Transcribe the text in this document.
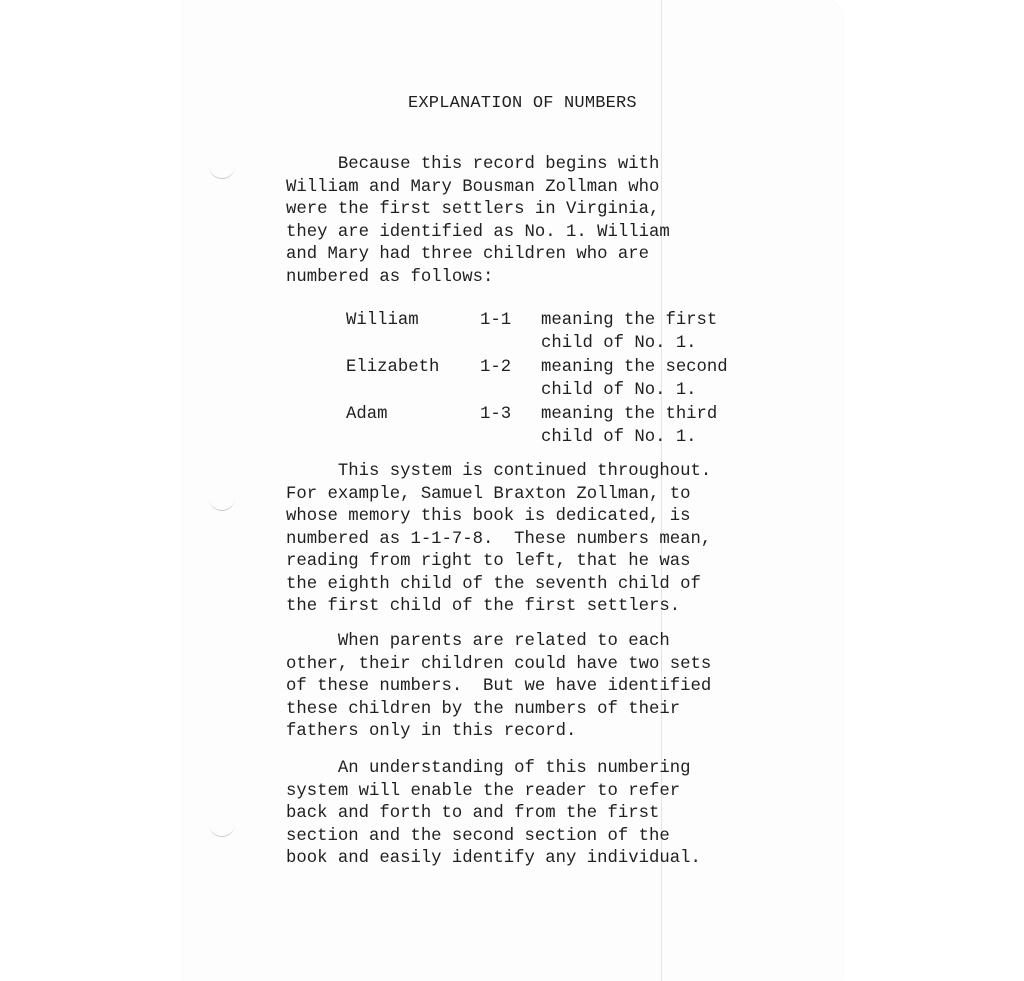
EXPLANATION OF NUMBERS

Because this record begins with
William and Mary Bousman Zollman who
were the first settlers in Virginia,
they are identified as No. 1. William
and Mary had three children who are
numbered as follows:

William	1-1 meaning the first
child of No. 1.
Elizabeth 1-2 meaning the second
child of No. 1.
Adam	1-3 meaning the third
child of No. 1.

This system is continued throughout.
For example, Samuel Braxton Zollman, to
whose memory this book is dedicated, is
numbered as 1-1-7-8.  These numbers mean,
reading from right to left, that he was
the eighth child of the seventh child of
the first child of the first settlers.

When parents are related to each
other, their children could have two sets
of these numbers.  But we have identified
these children by the numbers of their
fathers only in this record.

An understanding of this numbering
system will enable the reader to refer
back and forth to and from the first
section and the second section of the
book and easily identify any individual.
